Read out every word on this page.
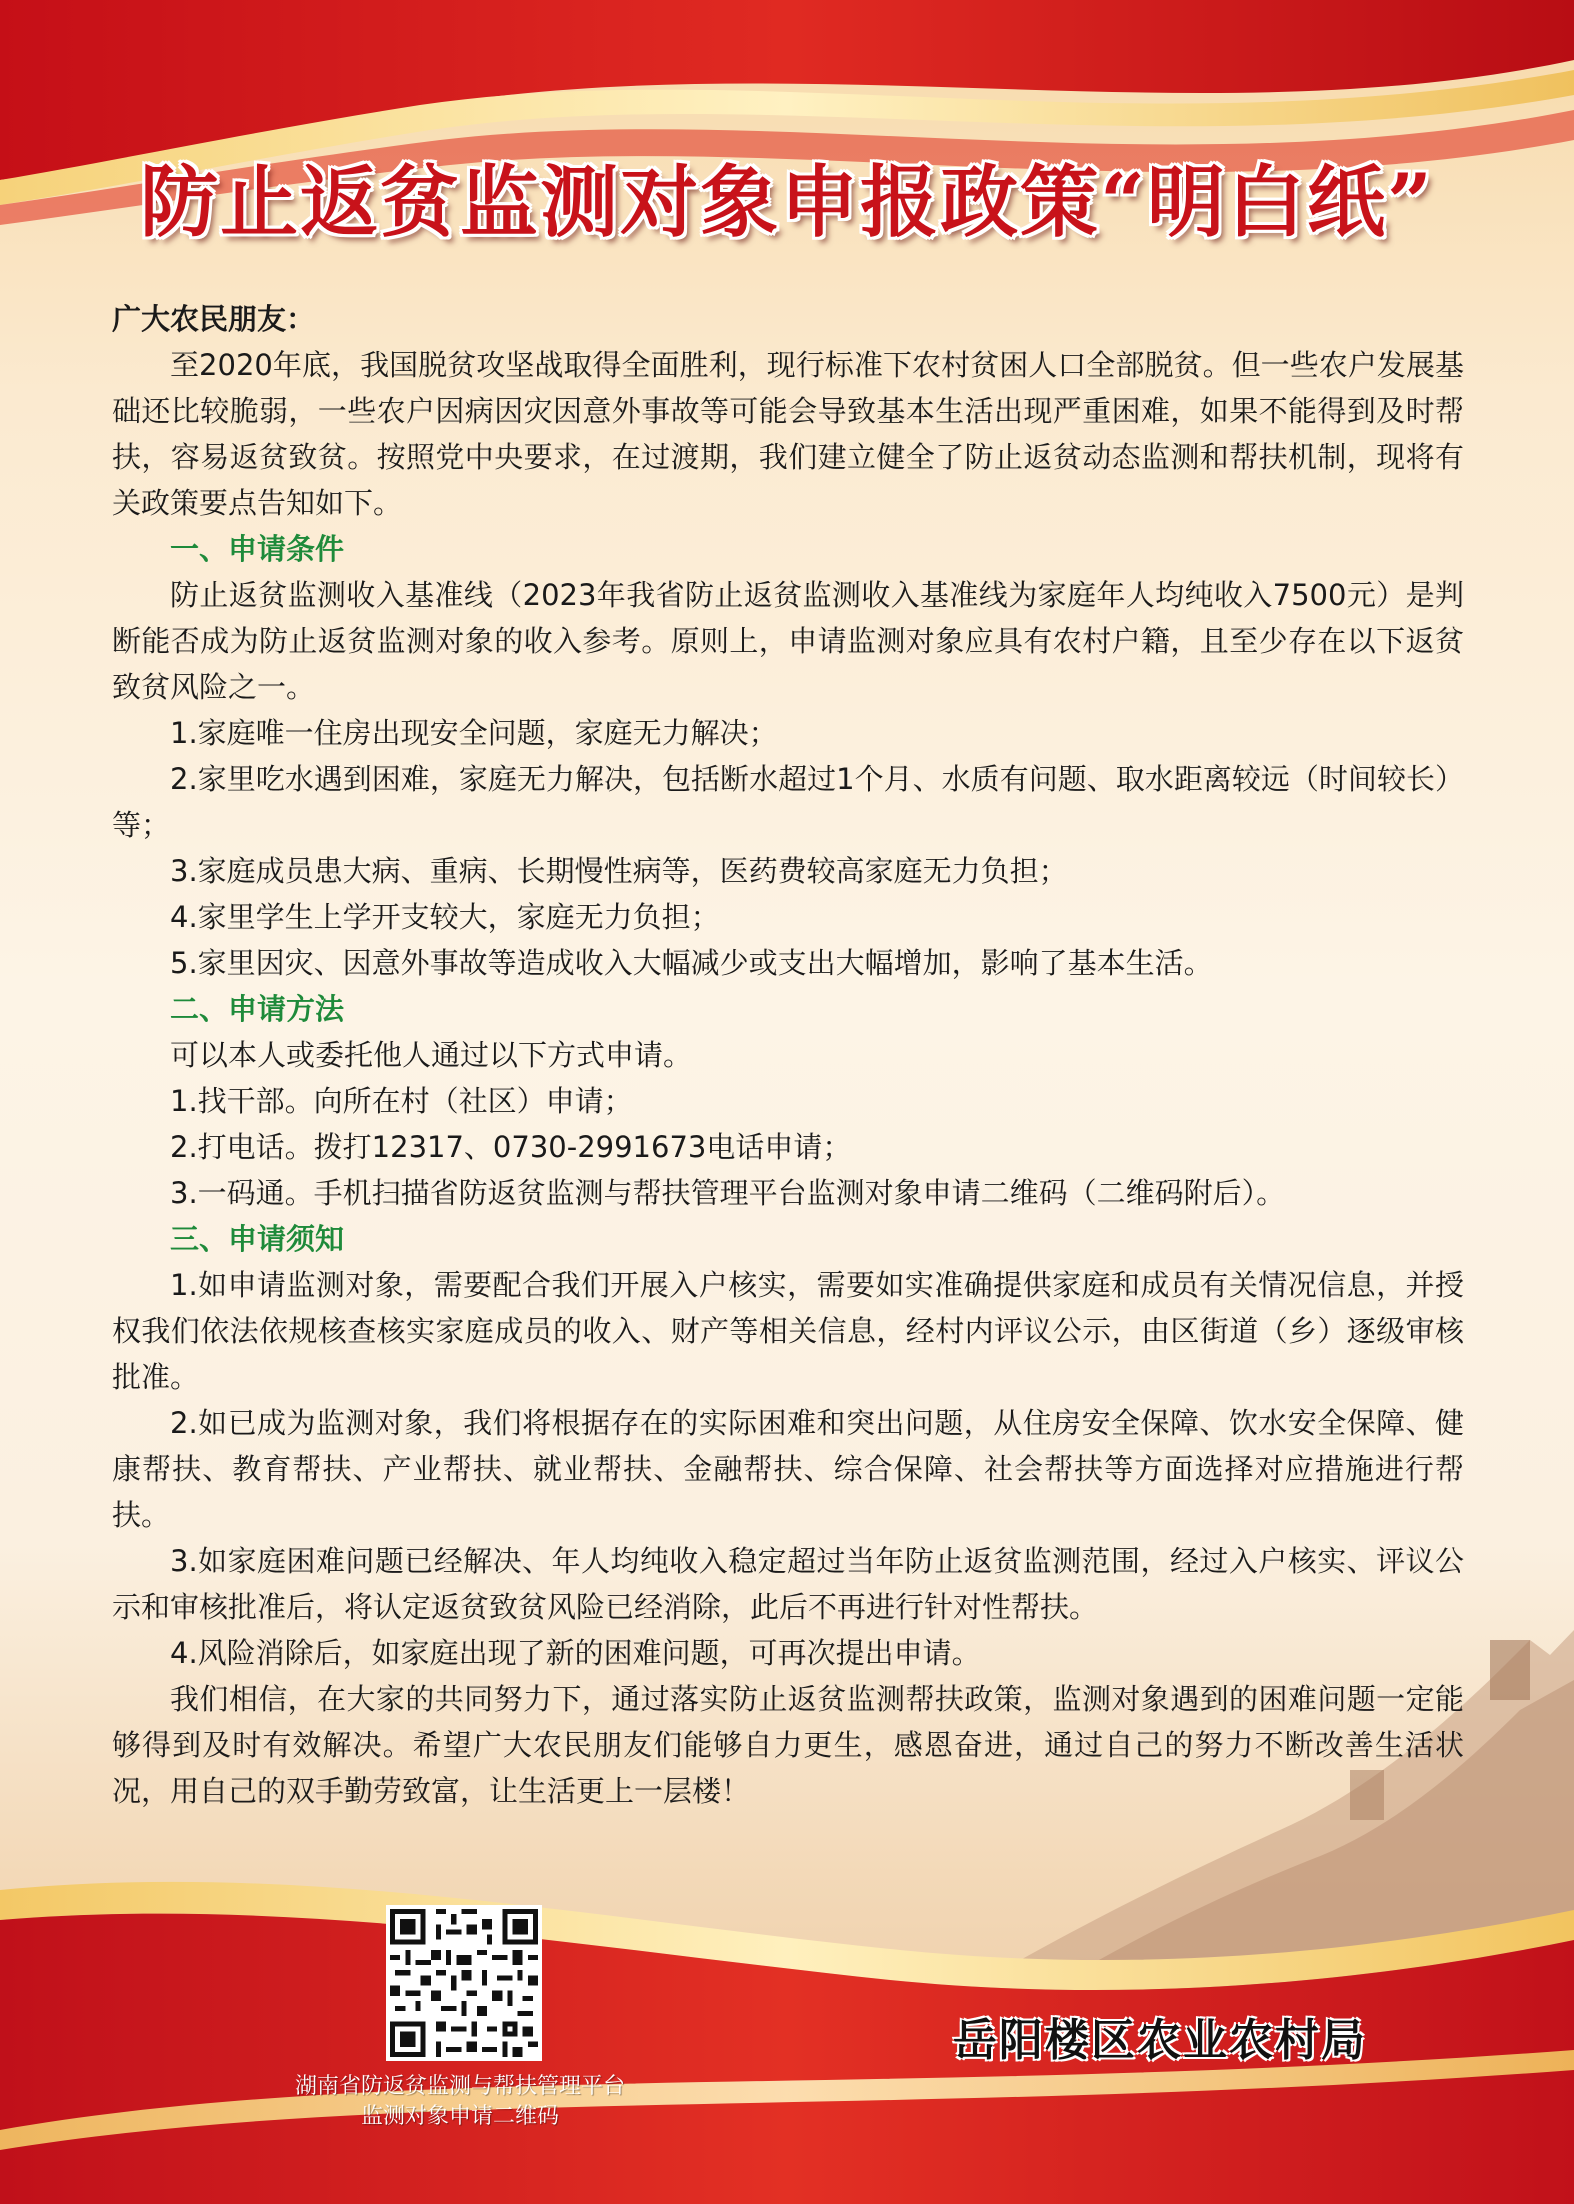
防止返贫监测对象申报政策“明白纸”

广大农民朋友：

至2020年底，我国脱贫攻坚战取得全面胜利，现行标准下农村贫困人口全部脱贫。但一些农户发展基础还比较脆弱，一些农户因病因灾因意外事故等可能会导致基本生活出现严重困难，如果不能得到及时帮扶，容易返贫致贫。按照党中央要求，在过渡期，我们建立健全了防止返贫动态监测和帮扶机制，现将有关政策要点告知如下。

一、申请条件

防止返贫监测收入基准线（2023年我省防止返贫监测收入基准线为家庭年人均纯收入7500元）是判断能否成为防止返贫监测对象的收入参考。原则上，申请监测对象应具有农村户籍，且至少存在以下返贫致贫风险之一。

1.家庭唯一住房出现安全问题，家庭无力解决；

2.家里吃水遇到困难，家庭无力解决，包括断水超过1个月、水质有问题、取水距离较远（时间较长）等；

3.家庭成员患大病、重病、长期慢性病等，医药费较高家庭无力负担；

4.家里学生上学开支较大，家庭无力负担；

5.家里因灾、因意外事故等造成收入大幅减少或支出大幅增加，影响了基本生活。

二、申请方法

可以本人或委托他人通过以下方式申请。

1.找干部。向所在村（社区）申请；

2.打电话。拨打12317、0730-2991673电话申请；

3.一码通。手机扫描省防返贫监测与帮扶管理平台监测对象申请二维码（二维码附后）。

三、申请须知

1.如申请监测对象，需要配合我们开展入户核实，需要如实准确提供家庭和成员有关情况信息，并授权我们依法依规核查核实家庭成员的收入、财产等相关信息，经村内评议公示，由区街道（乡）逐级审核批准。

2.如已成为监测对象，我们将根据存在的实际困难和突出问题，从住房安全保障、饮水安全保障、健康帮扶、教育帮扶、产业帮扶、就业帮扶、金融帮扶、综合保障、社会帮扶等方面选择对应措施进行帮扶。

3.如家庭困难问题已经解决、年人均纯收入稳定超过当年防止返贫监测范围，经过入户核实、评议公示和审核批准后，将认定返贫致贫风险已经消除，此后不再进行针对性帮扶。

4.风险消除后，如家庭出现了新的困难问题，可再次提出申请。

我们相信，在大家的共同努力下，通过落实防止返贫监测帮扶政策，监测对象遇到的困难问题一定能够得到及时有效解决。希望广大农民朋友们能够自力更生，感恩奋进，通过自己的努力不断改善生活状况，用自己的双手勤劳致富，让生活更上一层楼！

湖南省防返贫监测与帮扶管理平台
监测对象申请二维码
岳阳楼区农业农村局
